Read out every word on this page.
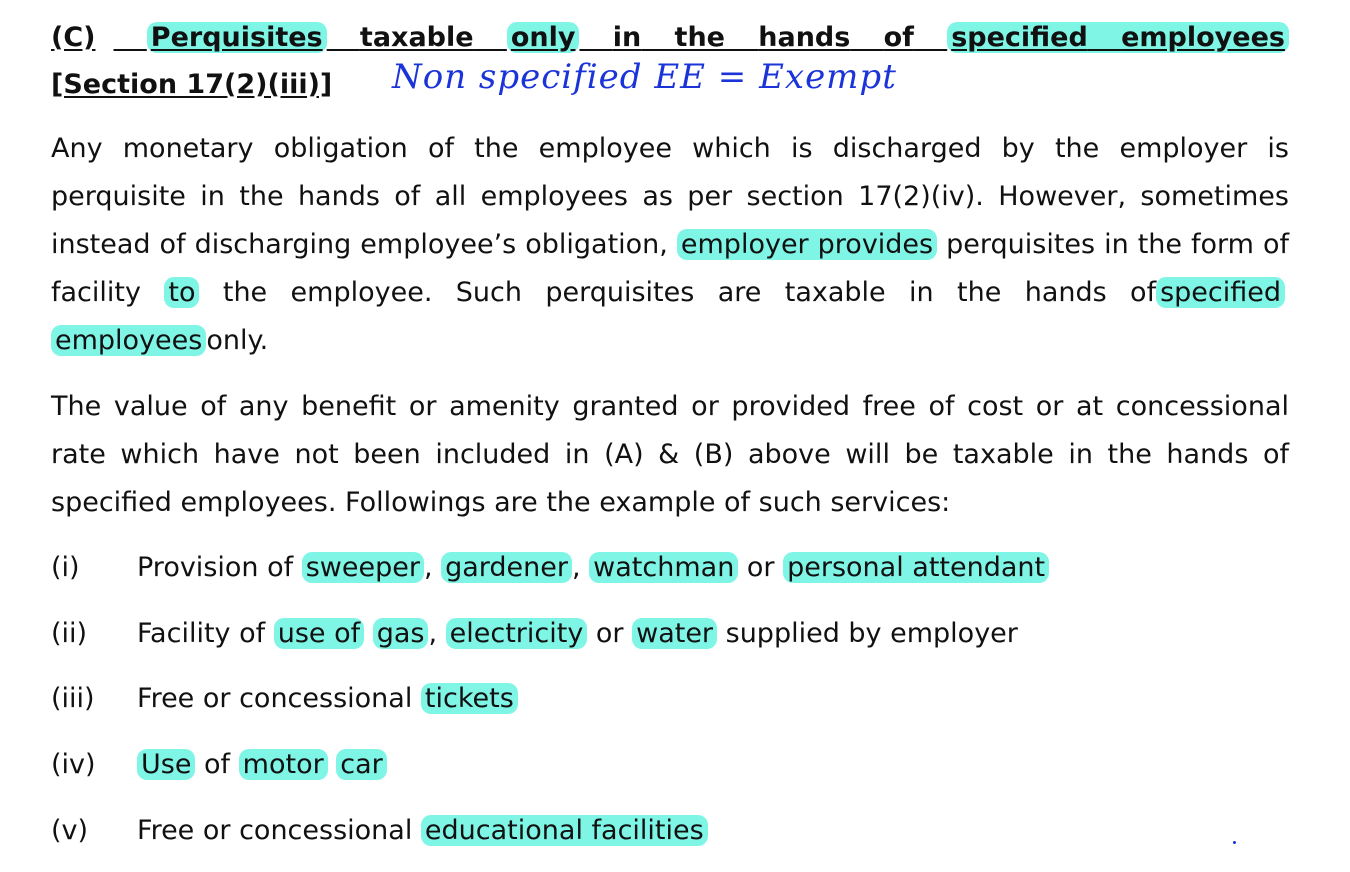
(C) Perquisites taxable only in the hands of specified employees
[Section 17(2)(iii)] Non specified EE = Exempt

Any monetary obligation of the employee which is discharged by the employer is perquisite in the hands of all employees as per section 17(2)(iv). However, sometimes instead of discharging employee’s obligation, employer provides perquisites in the form of facility to the employee. Such perquisites are taxable in the hands of specified employees only.

The value of any benefit or amenity granted or provided free of cost or at concessional rate which have not been included in (A) & (B) above will be taxable in the hands of specified employees. Followings are the example of such services:

(i) Provision of sweeper , gardener , watchman or personal attendant
(ii) Facility of use of gas , electricity or water supplied by employer
(iii) Free or concessional tickets
(iv) Use of motor car
(v) Free or concessional educational facilities
